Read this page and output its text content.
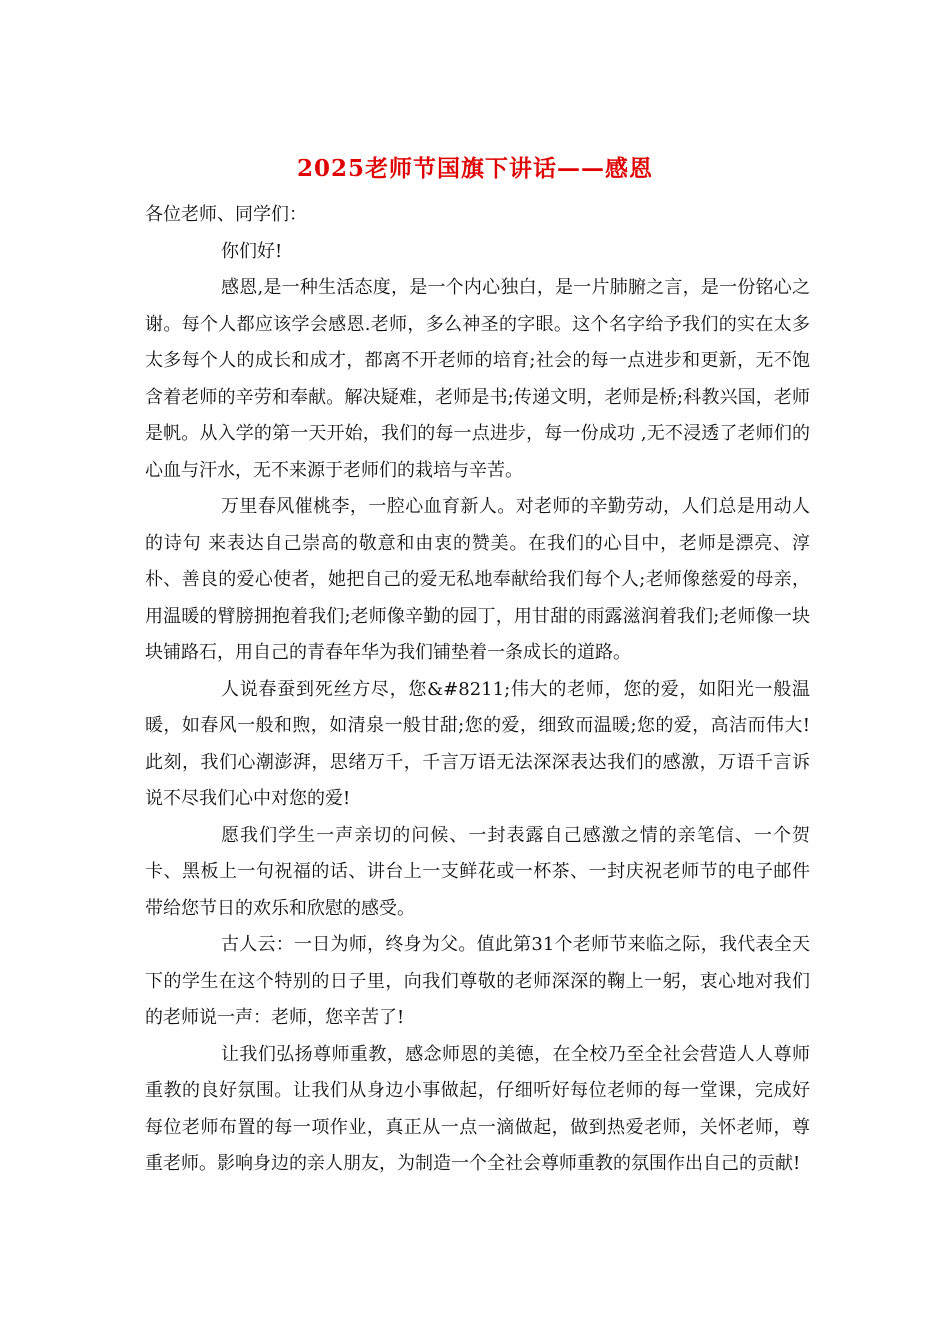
2025老师节国旗下讲话——感恩

各位老师、同学们：

你们好!

感恩,是一种生活态度，是一个内心独白，是一片肺腑之言，是一份铭心之谢。每个人都应该学会感恩.老师，多么神圣的字眼。这个名字给予我们的实在太多太多每个人的成长和成才，都离不开老师的培育;社会的每一点进步和更新，无不饱含着老师的辛劳和奉献。解决疑难，老师是书;传递文明，老师是桥;科教兴国，老师是帆。从入学的第一天开始，我们的每一点进步，每一份成功 ,无不浸透了老师们的心血与汗水，无不来源于老师们的栽培与辛苦。

万里春风催桃李，一腔心血育新人。对老师的辛勤劳动，人们总是用动人的诗句 来表达自己崇高的敬意和由衷的赞美。在我们的心目中，老师是漂亮、淳朴、善良的爱心使者，她把自己的爱无私地奉献给我们每个人;老师像慈爱的母亲，用温暖的臂膀拥抱着我们;老师像辛勤的园丁，用甘甜的雨露滋润着我们;老师像一块块铺路石，用自己的青春年华为我们铺垫着一条成长的道路。

人说春蚕到死丝方尽，您&#8211;伟大的老师，您的爱，如阳光一般温暖，如春风一般和煦，如清泉一般甘甜;您的爱，细致而温暖;您的爱，高洁而伟大!此刻，我们心潮澎湃，思绪万千，千言万语无法深深表达我们的感激，万语千言诉说不尽我们心中对您的爱!

愿我们学生一声亲切的问候、一封表露自己感激之情的亲笔信、一个贺卡、黑板上一句祝福的话、讲台上一支鲜花或一杯茶、一封庆祝老师节的电子邮件带给您节日的欢乐和欣慰的感受。

古人云：一日为师，终身为父。值此第31个老师节来临之际，我代表全天下的学生在这个特别的日子里，向我们尊敬的老师深深的鞠上一躬，衷心地对我们的老师说一声：老师，您辛苦了!

让我们弘扬尊师重教，感念师恩的美德，在全校乃至全社会营造人人尊师重教的良好氛围。让我们从身边小事做起，仔细听好每位老师的每一堂课，完成好每位老师布置的每一项作业，真正从一点一滴做起，做到热爱老师，关怀老师，尊重老师。影响身边的亲人朋友，为制造一个全社会尊师重教的氛围作出自己的贡献!
